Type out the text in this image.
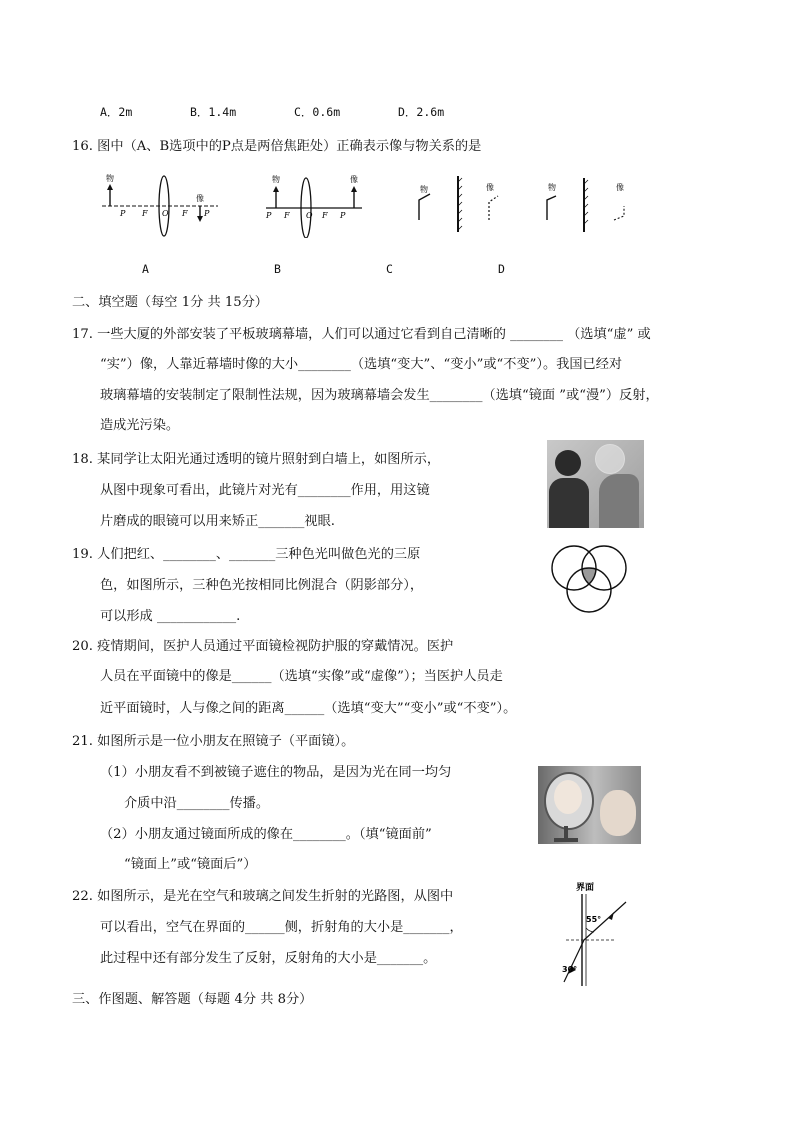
A．2m	B．1.4m	C．0.6m	D．2.6m
16. 图中（A、B选项中的P点是两倍焦距处）正确表示像与物关系的是
物
像
P F O F P
物	像
P F O F P
物	像	物	像
A	B	C	D
二、填空题（每空 1分 共 15分）
17. 一些大厦的外部安装了平板玻璃幕墙，人们可以通过它看到自己清晰的 ________ （选填“虚” 或
“实”）像，人靠近幕墙时像的大小________（选填“变大”、“变小”或“不变”）。我国已经对
玻璃幕墙的安装制定了限制性法规，因为玻璃幕墙会发生________（选填“镜面 ”或“漫”）反射，
造成光污染。
18. 某同学让太阳光通过透明的镜片照射到白墙上，如图所示，
从图中现象可看出，此镜片对光有________作用，用这镜
片磨成的眼镜可以用来矫正_______视眼.
19. 人们把红、________、_______三种色光叫做色光的三原
色，如图所示，三种色光按相同比例混合（阴影部分），
可以形成 ____________.
20. 疫情期间，医护人员通过平面镜检视防护服的穿戴情况。医护
人员在平面镜中的像是______（选填“实像”或“虚像”）；当医护人员走
近平面镜时，人与像之间的距离______（选填“变大”“变小”或“不变”）。
21. 如图所示是一位小朋友在照镜子（平面镜）。
（1）小朋友看不到被镜子遮住的物品，是因为光在同一均匀
介质中沿________传播。
（2）小朋友通过镜面所成的像在________。（填“镜面前”
“镜面上”或“镜面后”）
22. 如图所示，是光在空气和玻璃之间发生折射的光路图，从图中
可以看出，空气在界面的______侧，折射角的大小是_______，
此过程中还有部分发生了反射，反射角的大小是_______。
界面
55°
30°
三、作图题、解答题（每题 4分 共 8分）
